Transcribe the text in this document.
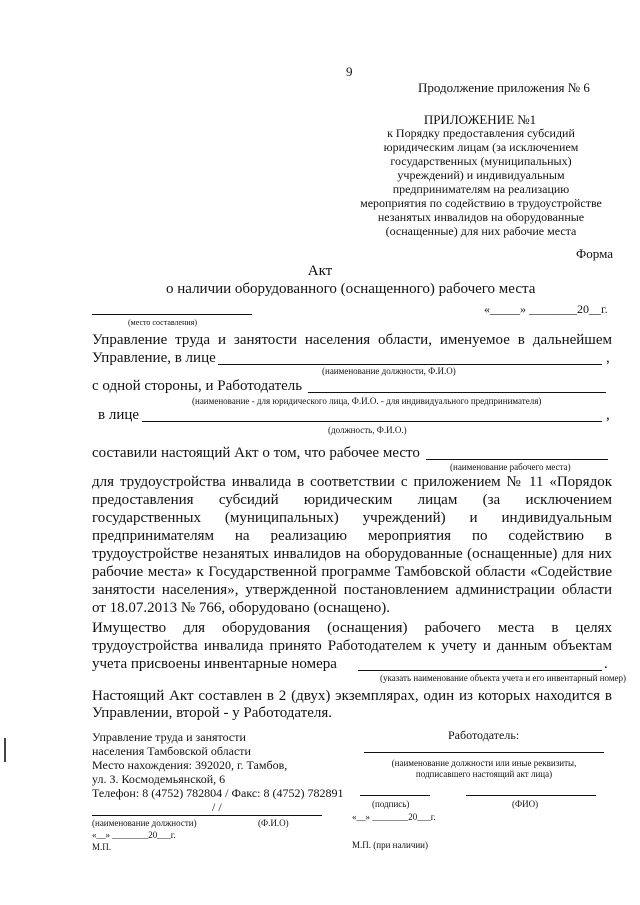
9
Продолжение приложения № 6
ПРИЛОЖЕНИЕ №1
к Порядку предоставления субсидий
юридическим лицам (за исключением
государственных (муниципальных)
учреждений) и индивидуальным
предпринимателям на реализацию
мероприятия по содействию в трудоустройстве
незанятых инвалидов на оборудованные
(оснащенные) для них рабочие места
Форма
Акт
о наличии оборудованного (оснащенного) рабочего места
(место составления)
«_____» ________20__г.
Управление труда и занятости населения области, именуемое в дальнейшем
Управление, в лице	,
(наименование должности, Ф.И.О)
с одной стороны, и Работодатель
(наименование - для юридического лица, Ф.И.О. - для индивидуального предпринимателя)
в лице	,
(должность, Ф.И.О.)
составили настоящий Акт о том, что рабочее место
(наименование рабочего места)
для трудоустройства инвалида в соответствии с приложением № 11 «Порядок
предоставления субсидий юридическим лицам (за исключением
государственных (муниципальных) учреждений) и индивидуальным
предпринимателям на реализацию мероприятия по содействию в
трудоустройстве незанятых инвалидов на оборудованные (оснащенные) для них
рабочие места» к Государственной программе Тамбовской области «Содействие
занятости населения», утвержденной постановлением администрации области
от 18.07.2013 № 766, оборудовано (оснащено).
Имущество для оборудования (оснащения) рабочего места в целях
трудоустройства инвалида принято Работодателем к учету и данным объектам
учета присвоены инвентарные номера	.
(указать наименование объекта учета и его инвентарный номер)
Настоящий Акт составлен в 2 (двух) экземплярах, один из которых находится в
Управлении, второй - у Работодателя.
Управление труда и занятости
населения Тамбовской области
Место нахождения: 392020, г. Тамбов,
ул. З. Космодемьянской, 6
Телефон: 8 (4752) 782804 / Факс: 8 (4752) 782891
/ /
(наименование должности)	(Ф.И.О)
«__» ________20___г.
М.П.
Работодатель:
(наименование должности или иные реквизиты,
подписавшего настоящий акт лица)
(подпись)	(ФИО)
«__» ________20___г.
М.П. (при наличии)
